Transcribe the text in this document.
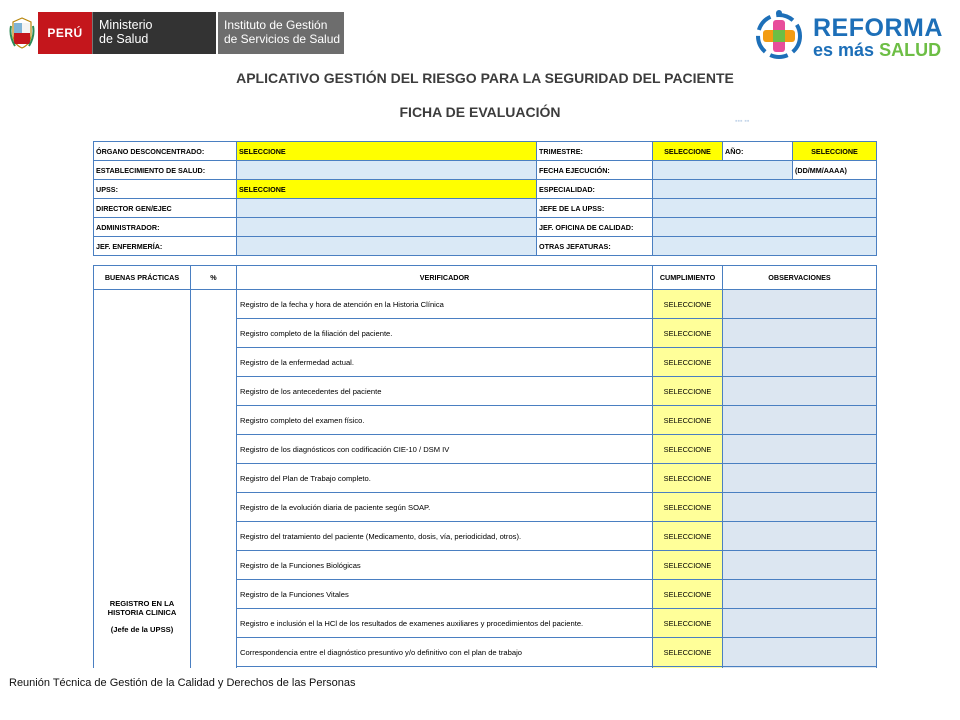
PERÚ
Ministerio
de Salud
Instituto de Gestión
de Servicios de Salud	REFORMA
es más SALUD
APLICATIVO GESTIÓN DEL RIESGO PARA LA SEGURIDAD DEL PACIENTE
FICHA DE EVALUACIÓN
▪▪▪ ▪▪
ÓRGANO DESCONCENTRADO:	SELECCIONE	TRIMESTRE:	SELECCIONE	AÑO:	SELECCIONE
ESTABLECIMIENTO DE SALUD:		FECHA EJECUCIÓN:			(DD/MM/AAAA)
UPSS:	SELECCIONE	ESPECIALIDAD:			
DIRECTOR GEN/EJEC		JEFE DE LA UPSS:			
ADMINISTRADOR:		JEF. OFICINA DE CALIDAD:			
JEF. ENFERMERÍA:		OTRAS JEFATURAS:			
BUENAS PRÁCTICAS	%	VERIFICADOR	CUMPLIMIENTO	OBSERVACIONES

REGISTRO EN LA HISTORIA CLINICA
(Jefe de la UPSS)		Registro de la fecha y hora de atención en la Historia Clínica	SELECCIONE	
		Registro completo de la filiación del paciente.	SELECCIONE	
		Registro de la enfermedad actual.	SELECCIONE	
		Registro de los antecedentes del paciente	SELECCIONE	
		Registro completo del examen físico.	SELECCIONE	
		Registro de los diagnósticos con codificación CIE-10 / DSM IV	SELECCIONE	
		Registro del Plan de Trabajo completo.	SELECCIONE	
		Registro de la evolución diaria de paciente según SOAP.	SELECCIONE	
		Registro del tratamiento del paciente (Medicamento, dosis, vía, periodicidad, otros).	SELECCIONE	
		Registro de la Funciones Biológicas	SELECCIONE	
		Registro de la Funciones Vitales	SELECCIONE	
		Registro e inclusión el la HCl de los resultados de examenes auxiliares y procedimientos del paciente.	SELECCIONE	
		Correspondencia entre el diagnóstico presuntivo y/o definitivo con el plan de trabajo	SELECCIONE	

Reunión Técnica de Gestión de la Calidad y Derechos de las Personas
